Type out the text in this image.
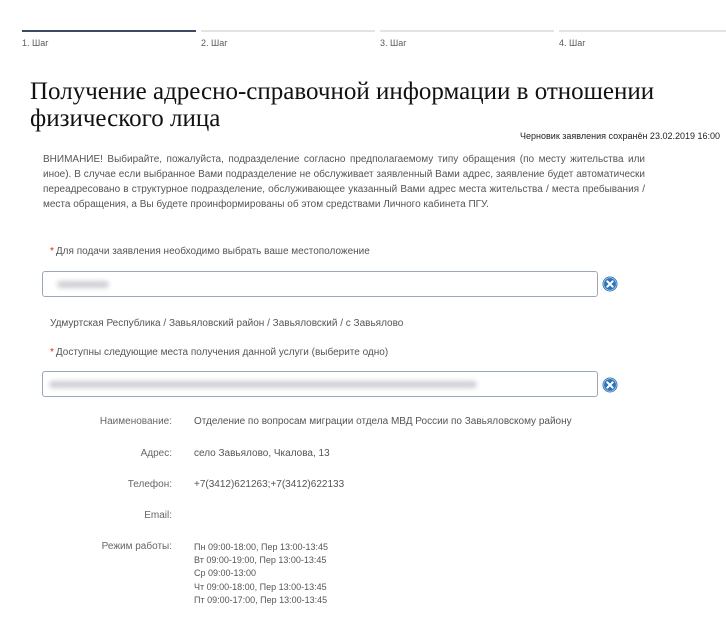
1. Шаг	2. Шаг	3. Шаг	4. Шаг
Получение адресно-справочной информации в отношении физического лица
Черновик заявления сохранён 23.02.2019 16:00
ВНИМАНИЕ! Выбирайте, пожалуйста, подразделение согласно предполагаемому типу обращения (по месту жительства или иное). В случае если выбранное Вами подразделение не обслуживает заявленный Вами адрес, заявление будет автоматически переадресовано в структурное подразделение, обслуживающее указанный Вами адрес места жительства / места пребывания / места обращения, а Вы будете проинформированы об этом средствами Личного кабинета ПГУ.
* Для подачи заявления необходимо выбрать ваше местоположение
Удмуртская Республика / Завьяловский район / Завьяловский / с Завьялово
* Доступны следующие места получения данной услуги (выберите одно)
Наименование: Отделение по вопросам миграции отдела МВД России по Завьяловскому району
Адрес: село Завьялово, Чкалова, 13
Телефон: +7(3412)621263;+7(3412)622133
Email:
Режим работы: Пн 09:00-18:00, Пер 13:00-13:45
Вт 09:00-19:00, Пер 13:00-13:45
Ср 09:00-13:00
Чт 09:00-18:00, Пер 13:00-13:45
Пт 09:00-17:00, Пер 13:00-13:45
